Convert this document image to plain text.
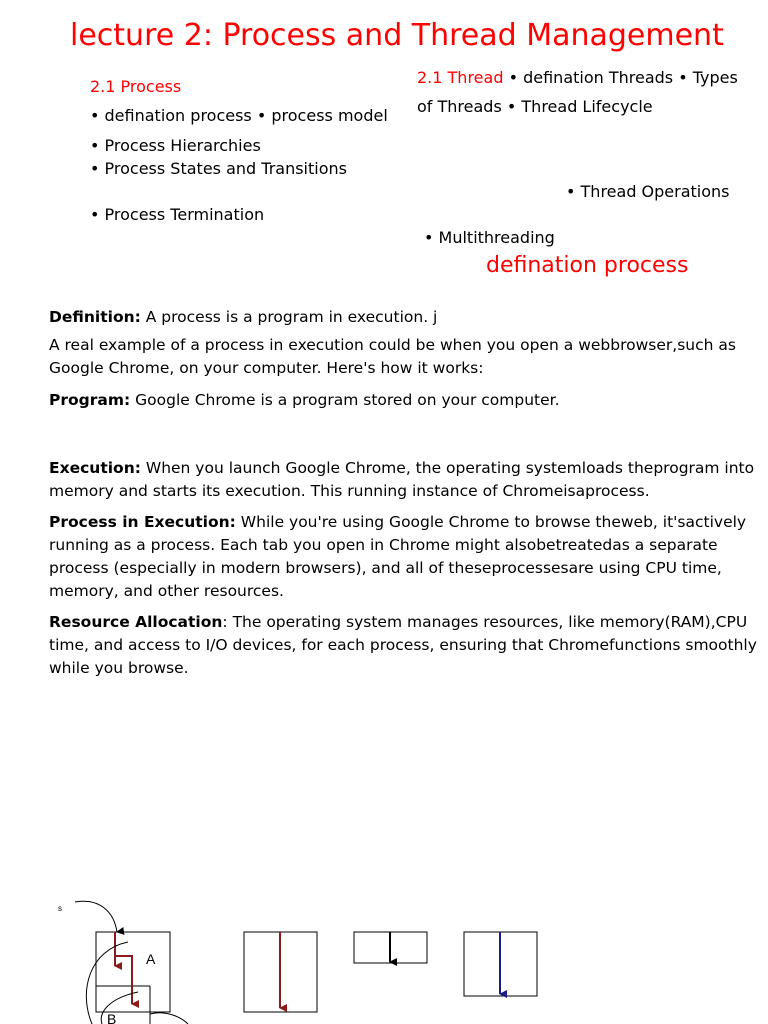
lecture 2: Process and Thread Management
2.1 Process
• defination process • process model
• Process Hierarchies
• Process States and Transitions
• Process Termination
2.1 Thread • defination Threads • Types
of Threads • Thread Lifecycle
• Thread Operations
• Multithreading
defination process
Definition: A process is a program in execution. j
A real example of a process in execution could be when you open a webbrowser,such as Google Chrome, on your computer. Here's how it works:
Program: Google Chrome is a program stored on your computer.
Execution: When you launch Google Chrome, the operating systemloads theprogram into memory and starts its execution. This running instance of Chromeisaprocess.
Process in Execution: While you're using Google Chrome to browse theweb, it'sactively running as a process. Each tab you open in Chrome might alsobetreatedas a separate process (especially in modern browsers), and all of theseprocessesare using CPU time, memory, and other resources.
Resource Allocation: The operating system manages resources, like memory(RAM),CPU time, and access to I/O devices, for each process, ensuring that Chromefunctions smoothly while you browse.
A
B
s
